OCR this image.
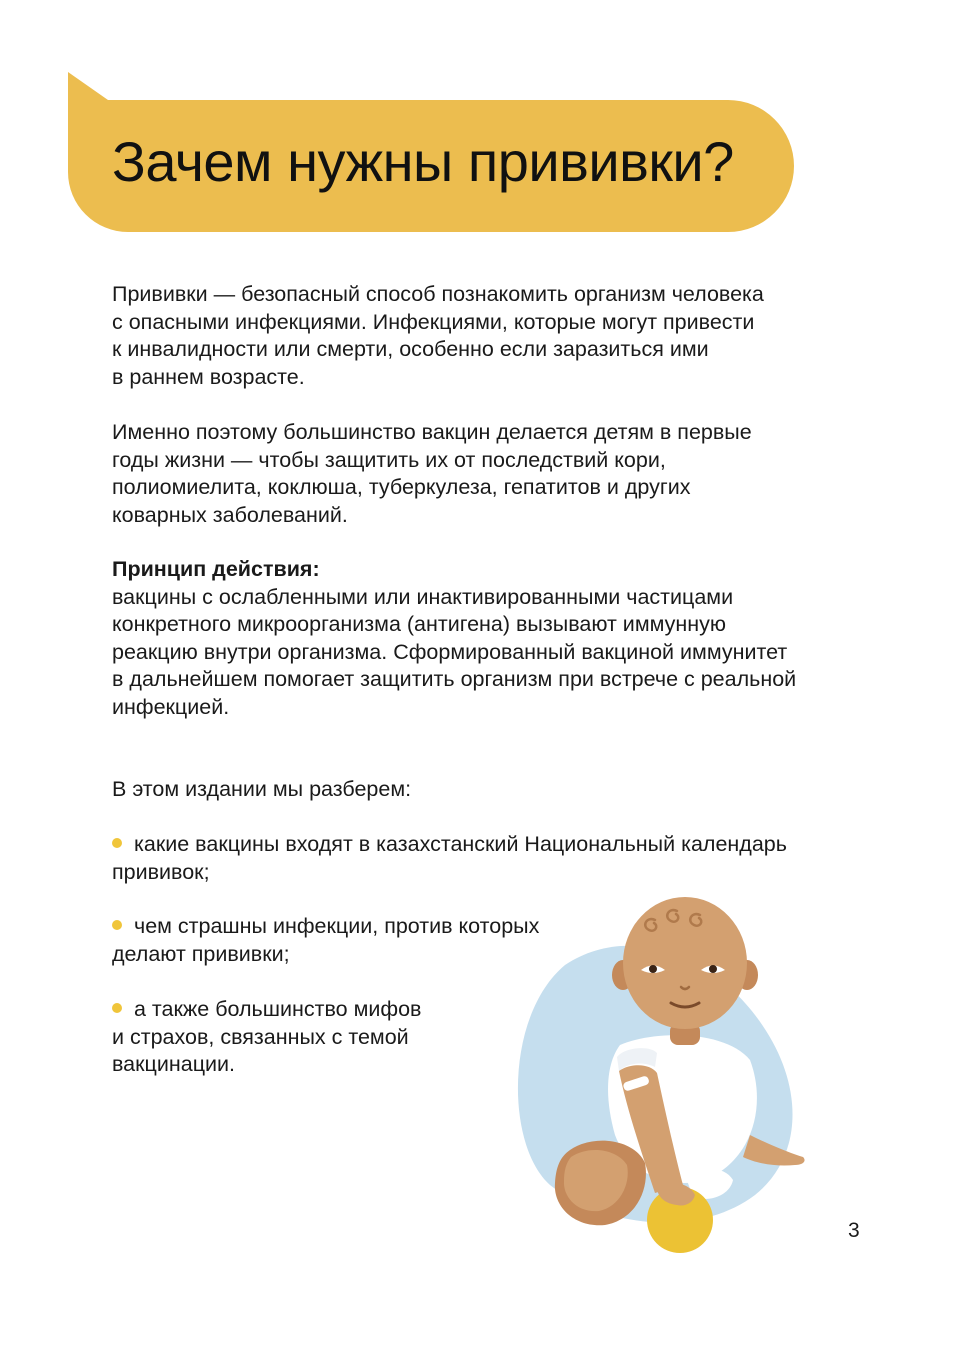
Зачем нужны прививки?
Прививки — безопасный способ познакомить организм человека
с опасными инфекциями. Инфекциями, которые могут привести
к инвалидности или смерти, особенно если заразиться ими
в раннем возрасте.
Именно поэтому большинство вакцин делается детям в первые
годы жизни — чтобы защитить их от последствий кори,
полиомиелита, коклюша, туберкулеза, гепатитов и других
коварных заболеваний.
Принцип действия:
вакцины с ослабленными или инактивированными частицами
конкретного микроорганизма (антигена) вызывают иммунную
реакцию внутри организма. Сформированный вакциной иммунитет
в дальнейшем помогает защитить организм при встрече с реальной
инфекцией.
В этом издании мы разберем:
какие вакцины входят в казахстанский Национальный календарь
прививок;
чем страшны инфекции, против которых
делают прививки;
а также большинство мифов
и страхов, связанных с темой
вакцинации.
3
